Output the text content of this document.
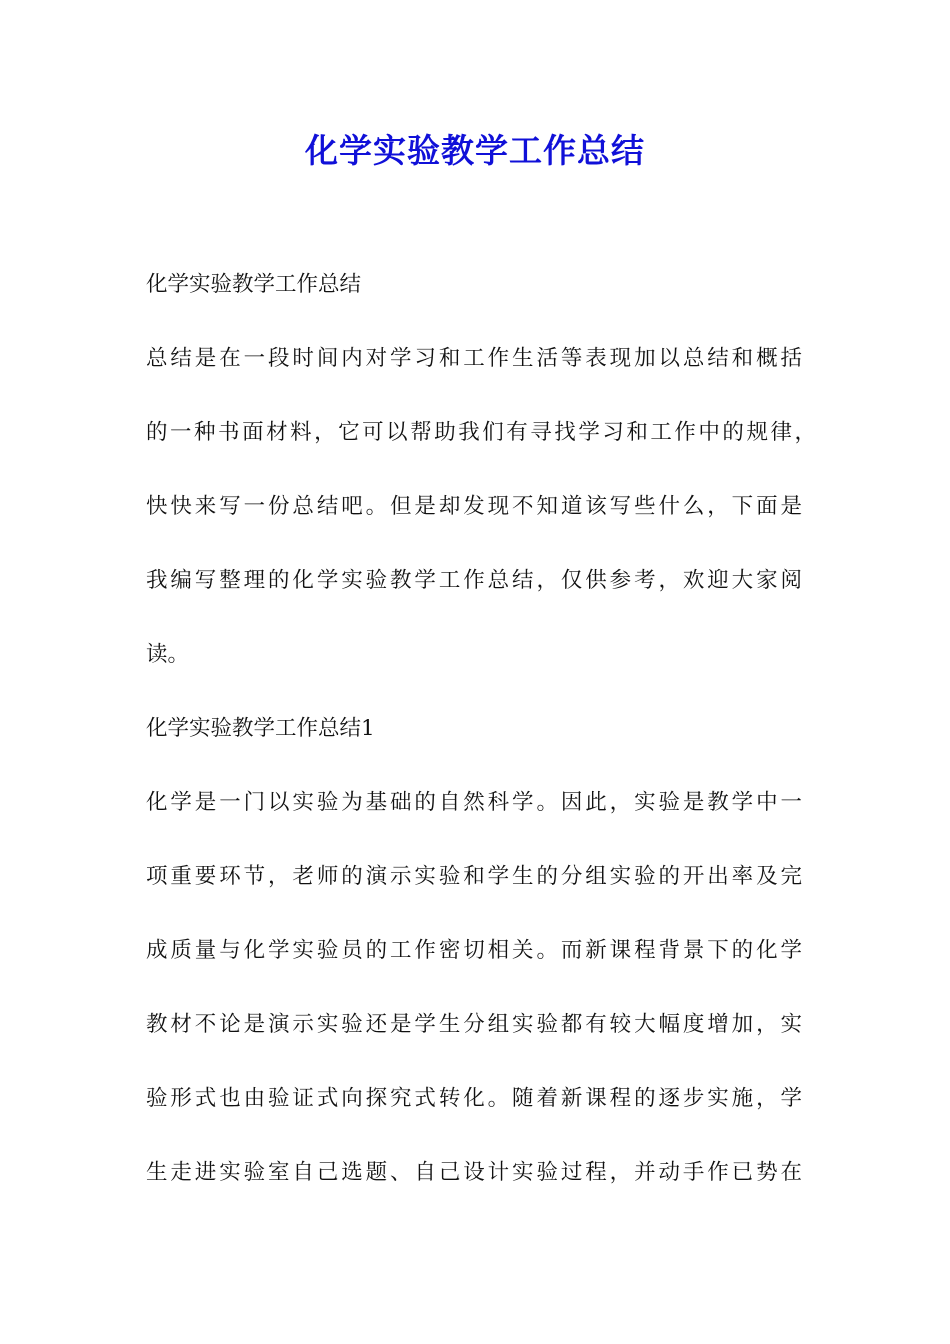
化学实验教学工作总结

化学实验教学工作总结

总结是在一段时间内对学习和工作生活等表现加以总结和概括

的一种书面材料，它可以帮助我们有寻找学习和工作中的规律，

快快来写一份总结吧。但是却发现不知道该写些什么，下面是

我编写整理的化学实验教学工作总结，仅供参考，欢迎大家阅

读。

化学实验教学工作总结1

化学是一门以实验为基础的自然科学。因此，实验是教学中一

项重要环节，老师的演示实验和学生的分组实验的开出率及完

成质量与化学实验员的工作密切相关。而新课程背景下的化学

教材不论是演示实验还是学生分组实验都有较大幅度增加，实

验形式也由验证式向探究式转化。随着新课程的逐步实施，学

生走进实验室自己选题、自己设计实验过程，并动手作已势在
